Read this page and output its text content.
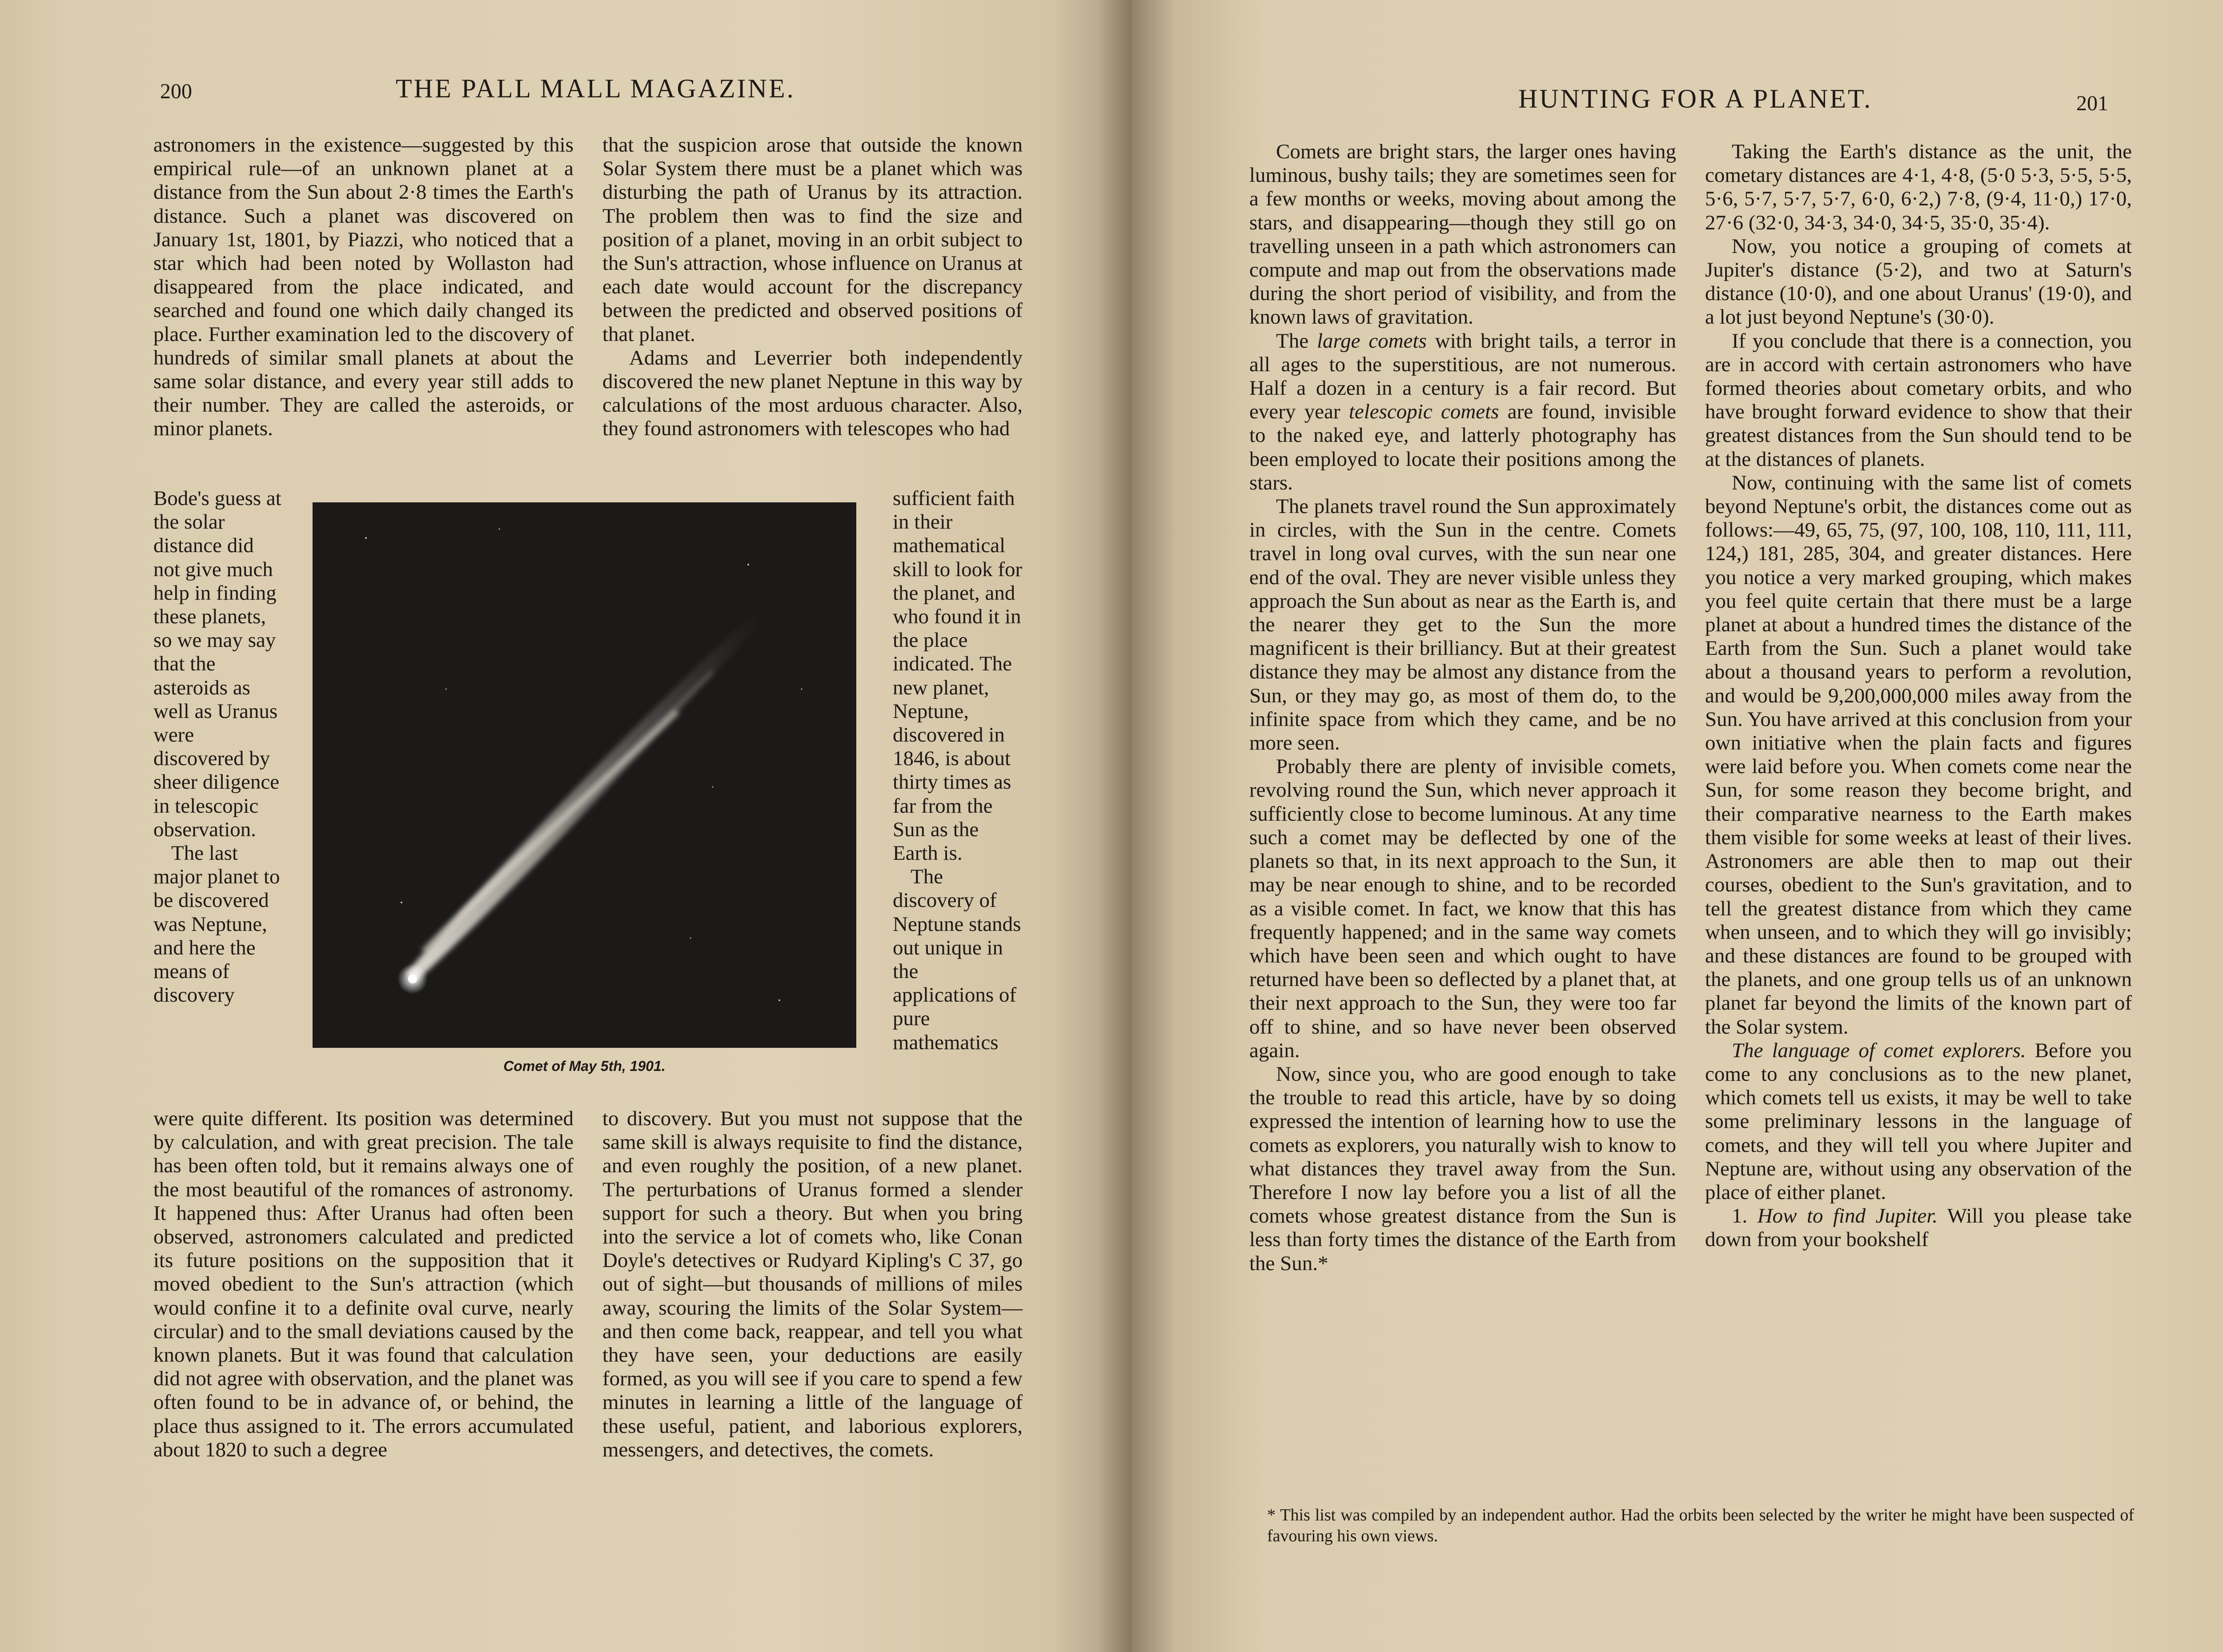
200	THE PALL MALL MAGAZINE.

astronomers in the existence—suggested by this empirical rule—of an unknown planet at a distance from the Sun about 2·8 times the Earth's distance. Such a planet was discovered on January 1st, 1801, by Piazzi, who noticed that a star which had been noted by Wollaston had disappeared from the place indicated, and searched and found one which daily changed its place. Further examination led to the discovery of hundreds of similar small planets at about the same solar distance, and every year still adds to their number. They are called the asteroids, or minor planets.

Bode's guess at the solar distance did not give much help in finding these planets, so we may say that the asteroids as well as Uranus were discovered by sheer diligence in telescopic observation.

The last major planet to be discovered was Neptune, and here the means of discovery

were quite different. Its position was determined by calculation, and with great precision. The tale has been often told, but it remains always one of the most beautiful of the romances of astronomy. It happened thus: After Uranus had often been observed, astronomers calculated and predicted its future positions on the supposition that it moved obedient to the Sun's attraction (which would confine it to a definite oval curve, nearly circular) and to the small deviations caused by the known planets. But it was found that calculation did not agree with observation, and the planet was often found to be in advance of, or behind, the place thus assigned to it. The errors accumulated about 1820 to such a degree

that the suspicion arose that outside the known Solar System there must be a planet which was disturbing the path of Uranus by its attraction. The problem then was to find the size and position of a planet, moving in an orbit subject to the Sun's attraction, whose influence on Uranus at each date would account for the discrepancy between the predicted and observed positions of that planet.

Adams and Leverrier both independently discovered the new planet Neptune in this way by calculations of the most arduous character. Also, they found astronomers with telescopes who had

sufficient faith in their mathematical skill to look for the planet, and who found it in the place indicated. The new planet, Neptune, discovered in 1846, is about thirty times as far from the Sun as the Earth is.

The discovery of Neptune stands out unique in the applications of pure mathematics

to discovery. But you must not suppose that the same skill is always requisite to find the distance, and even roughly the position, of a new planet. The perturbations of Uranus formed a slender support for such a theory. But when you bring into the service a lot of comets who, like Conan Doyle's detectives or Rudyard Kipling's C 37, go out of sight—but thousands of millions of miles away, scouring the limits of the Solar System—and then come back, reappear, and tell you what they have seen, your deductions are easily formed, as you will see if you care to spend a few minutes in learning a little of the language of these useful, patient, and laborious explorers, messengers, and detectives, the comets.

Comet of May 5th, 1901.
HUNTING FOR A PLANET.	201

Comets are bright stars, the larger ones having luminous, bushy tails; they are sometimes seen for a few months or weeks, moving about among the stars, and disappearing—though they still go on travelling unseen in a path which astronomers can compute and map out from the observations made during the short period of visibility, and from the known laws of gravitation.

The large comets with bright tails, a terror in all ages to the superstitious, are not numerous. Half a dozen in a century is a fair record. But every year telescopic comets are found, invisible to the naked eye, and latterly photography has been employed to locate their positions among the stars.

The planets travel round the Sun approximately in circles, with the Sun in the centre. Comets travel in long oval curves, with the sun near one end of the oval. They are never visible unless they approach the Sun about as near as the Earth is, and the nearer they get to the Sun the more magnificent is their brilliancy. But at their greatest distance they may be almost any distance from the Sun, or they may go, as most of them do, to the infinite space from which they came, and be no more seen.

Probably there are plenty of invisible comets, revolving round the Sun, which never approach it sufficiently close to become luminous. At any time such a comet may be deflected by one of the planets so that, in its next approach to the Sun, it may be near enough to shine, and to be recorded as a visible comet. In fact, we know that this has frequently happened; and in the same way comets which have been seen and which ought to have returned have been so deflected by a planet that, at their next approach to the Sun, they were too far off to shine, and so have never been observed again.

Now, since you, who are good enough to take the trouble to read this article, have by so doing expressed the intention of learning how to use the comets as explorers, you naturally wish to know to what distances they travel away from the Sun. Therefore I now lay before you a list of all the comets whose greatest distance from the Sun is less than forty times the distance of the Earth from the Sun.*

Taking the Earth's distance as the unit, the cometary distances are 4·1, 4·8, (5·0 5·3, 5·5, 5·5, 5·6, 5·7, 5·7, 5·7, 6·0, 6·2,) 7·8, (9·4, 11·0,) 17·0, 27·6 (32·0, 34·3, 34·0, 34·5, 35·0, 35·4).

Now, you notice a grouping of comets at Jupiter's distance (5·2), and two at Saturn's distance (10·0), and one about Uranus' (19·0), and a lot just beyond Neptune's (30·0).

If you conclude that there is a connection, you are in accord with certain astronomers who have formed theories about cometary orbits, and who have brought forward evidence to show that their greatest distances from the Sun should tend to be at the distances of planets.

Now, continuing with the same list of comets beyond Neptune's orbit, the distances come out as follows:—49, 65, 75, (97, 100, 108, 110, 111, 111, 124,) 181, 285, 304, and greater distances. Here you notice a very marked grouping, which makes you feel quite certain that there must be a large planet at about a hundred times the distance of the Earth from the Sun. Such a planet would take about a thousand years to perform a revolution, and would be 9,200,000,000 miles away from the Sun. You have arrived at this conclusion from your own initiative when the plain facts and figures were laid before you. When comets come near the Sun, for some reason they become bright, and their comparative nearness to the Earth makes them visible for some weeks at least of their lives. Astronomers are able then to map out their courses, obedient to the Sun's gravitation, and to tell the greatest distance from which they came when unseen, and to which they will go invisibly; and these distances are found to be grouped with the planets, and one group tells us of an unknown planet far beyond the limits of the known part of the Solar system.

The language of comet explorers. Before you come to any conclusions as to the new planet, which comets tell us exists, it may be well to take some preliminary lessons in the language of comets, and they will tell you where Jupiter and Neptune are, without using any observation of the place of either planet.

1. How to find Jupiter. Will you please take down from your bookshelf

* This list was compiled by an independent author. Had the orbits been selected by the writer he might have been suspected of favouring his own views.
